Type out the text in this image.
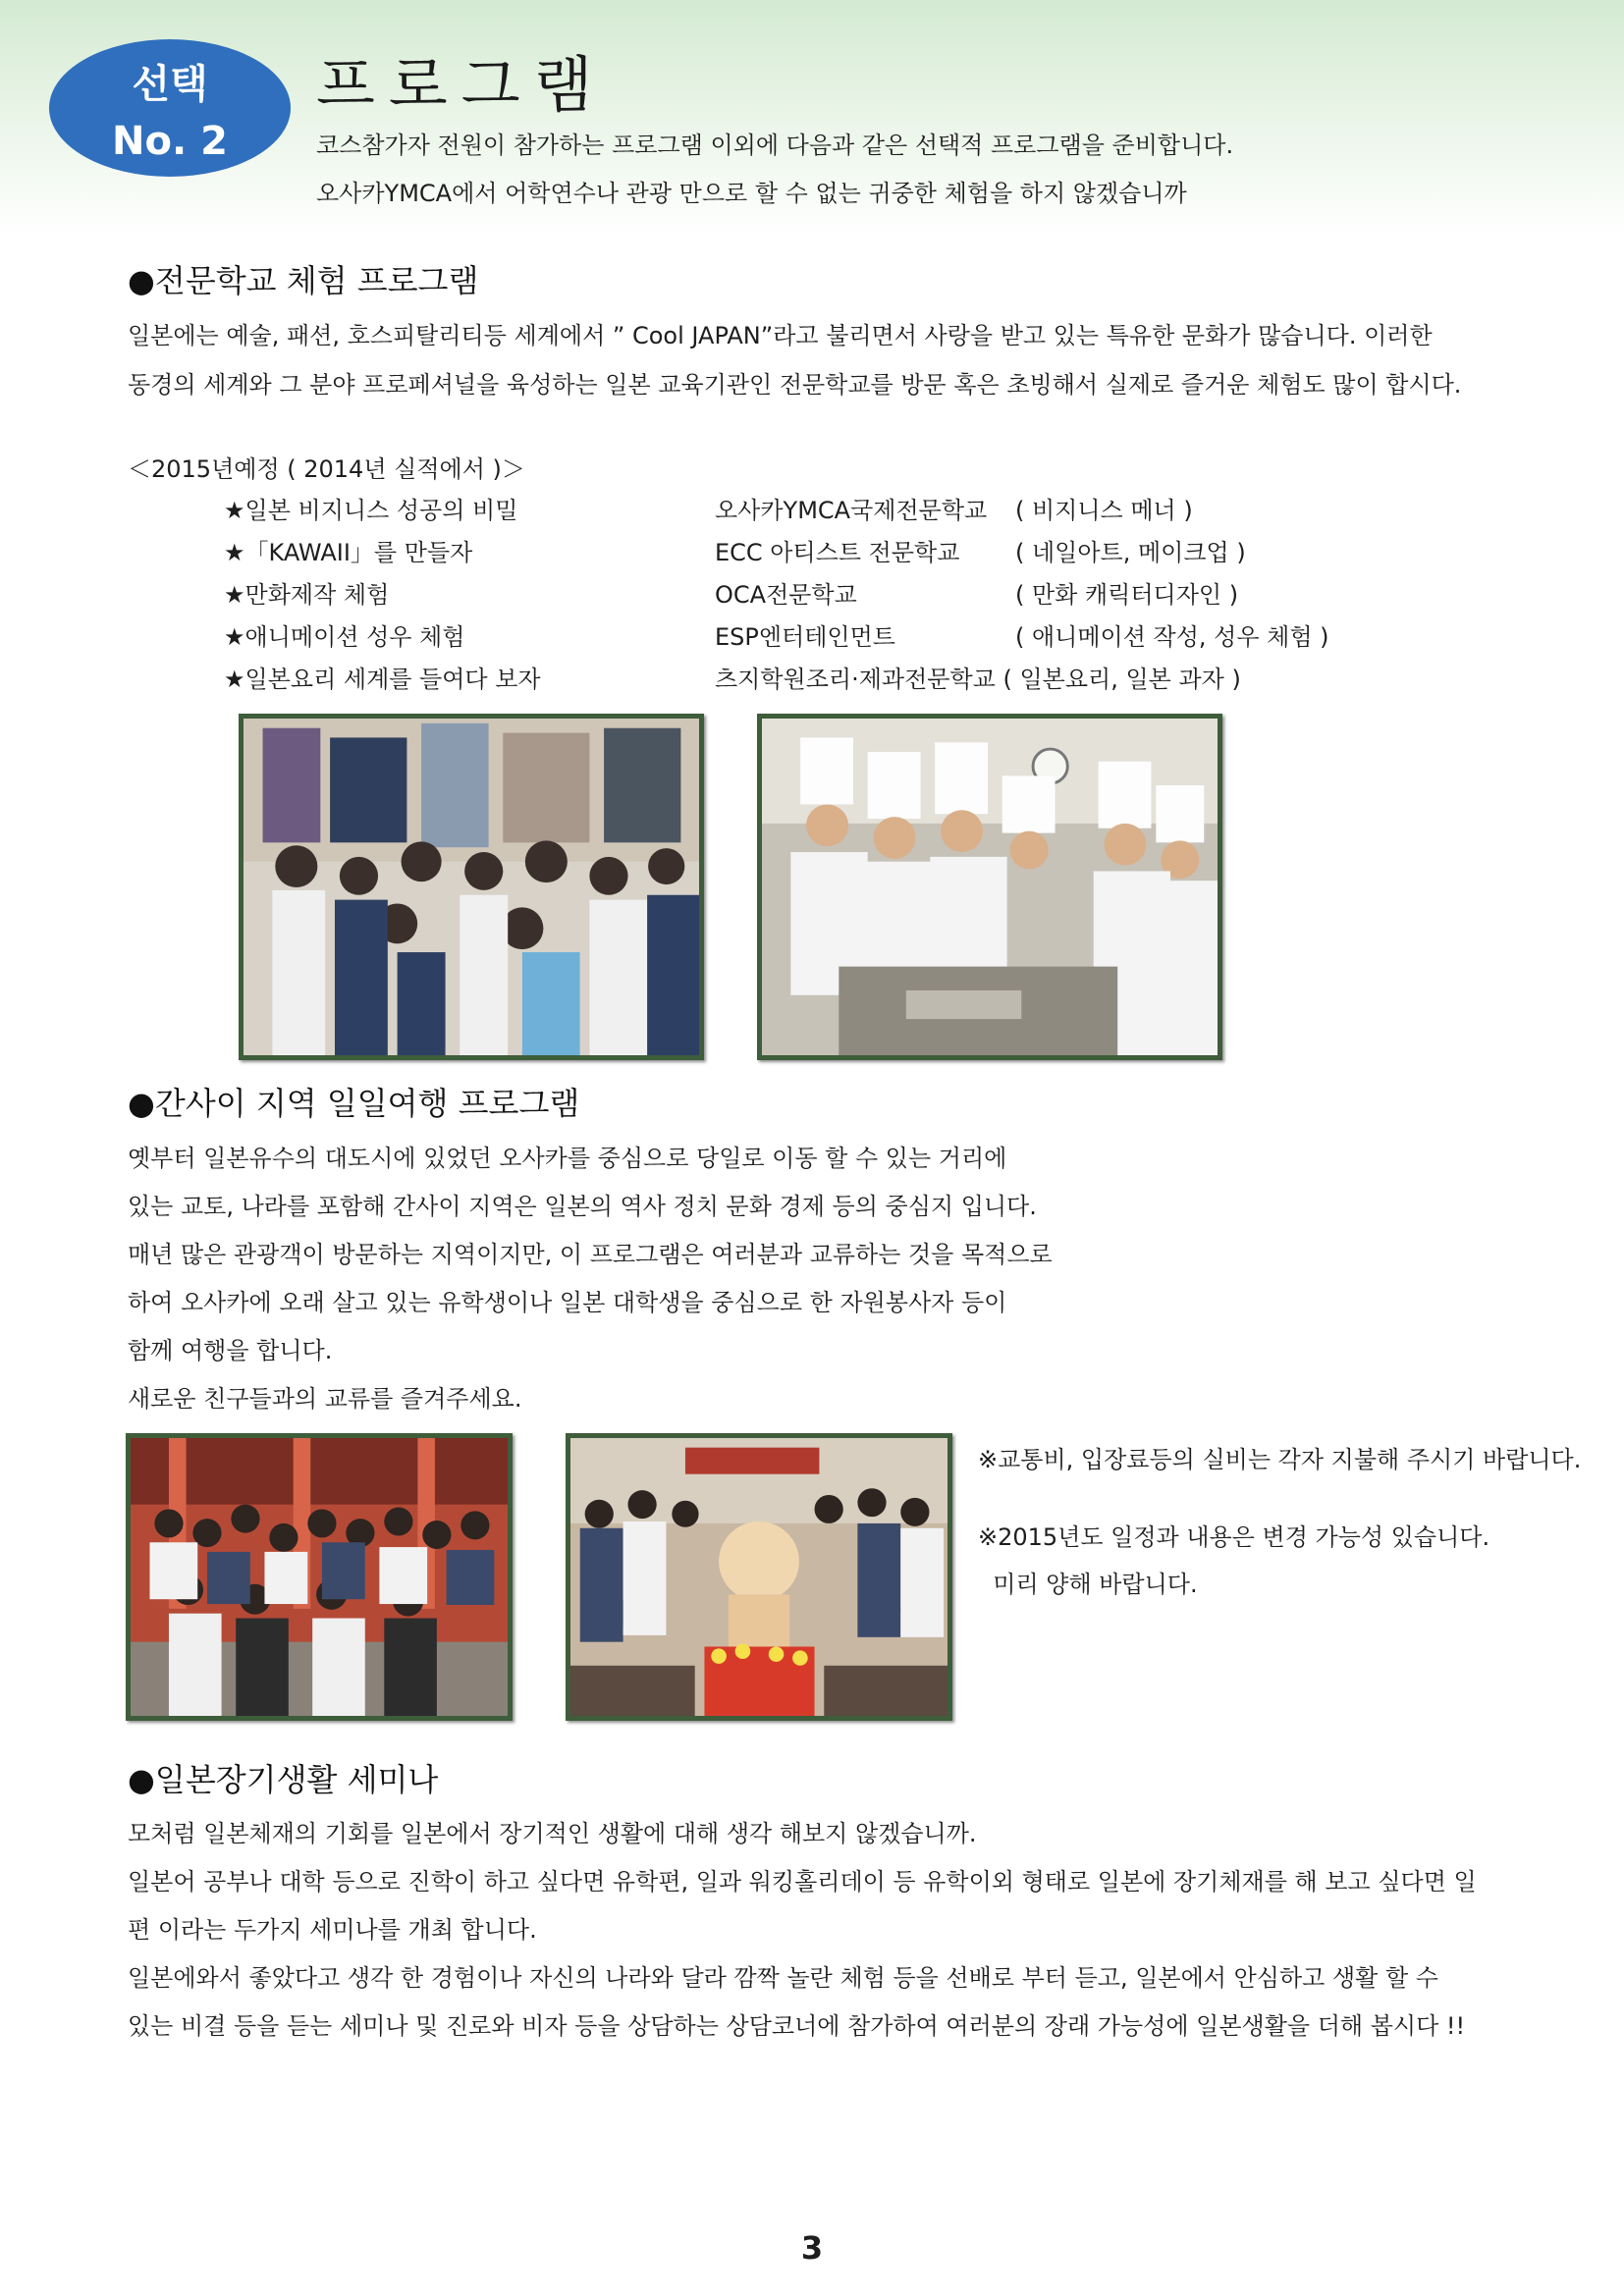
선택
No. 2
프로그램
코스참가자 전원이 참가하는 프로그램 이외에 다음과 같은 선택적 프로그램을 준비합니다.
오사카YMCA에서 어학연수나 관광 만으로 할 수 없는 귀중한 체험을 하지 않겠습니까
●전문학교 체험 프로그램
일본에는 예술, 패션, 호스피탈리티등 세계에서 ” Cool JAPAN”라고 불리면서 사랑을 받고 있는 특유한 문화가 많습니다. 이러한
동경의 세계와 그 분야 프로페셔널을 육성하는 일본 교육기관인 전문학교를 방문 혹은 초빙해서 실제로 즐거운 체험도 많이 합시다.
＜2015년예정 ( 2014년 실적에서 )＞
★일본 비지니스 성공의 비밀	오사카YMCA국제전문학교 ( 비지니스 메너 )
★「KAWAII」를 만들자	ECC 아티스트 전문학교 ( 네일아트, 메이크업 )
★만화제작 체험	OCA전문학교	( 만화 캐릭터디자인 )
★애니메이션 성우 체험	ESP엔터테인먼트	( 애니메이션 작성, 성우 체험 )
★일본요리 세계를 들여다 보자	츠지학원조리·제과전문학교 ( 일본요리, 일본 과자 )
●간사이 지역 일일여행 프로그램
옛부터 일본유수의 대도시에 있었던 오사카를 중심으로 당일로 이동 할 수 있는 거리에
있는 교토, 나라를 포함해 간사이 지역은 일본의 역사 정치 문화 경제 등의 중심지 입니다.
매년 많은 관광객이 방문하는 지역이지만, 이 프로그램은 여러분과 교류하는 것을 목적으로
하여 오사카에 오래 살고 있는 유학생이나 일본 대학생을 중심으로 한 자원봉사자 등이
함께 여행을 합니다.
새로운 친구들과의 교류를 즐겨주세요.
※교통비, 입장료등의 실비는 각자 지불해 주시기 바랍니다.
※2015년도 일정과 내용은 변경 가능성 있습니다.
미리 양해 바랍니다.
●일본장기생활 세미나
모처럼 일본체재의 기회를 일본에서 장기적인 생활에 대해 생각 해보지 않겠습니까.
일본어 공부나 대학 등으로 진학이 하고 싶다면 유학편, 일과 워킹홀리데이 등 유학이외 형태로 일본에 장기체재를 해 보고 싶다면 일
편 이라는 두가지 세미나를 개최 합니다.
일본에와서 좋았다고 생각 한 경험이나 자신의 나라와 달라 깜짝 놀란 체험 등을 선배로 부터 듣고, 일본에서 안심하고 생활 할 수
있는 비결 등을 듣는 세미나 및 진로와 비자 등을 상담하는 상담코너에 참가하여 여러분의 장래 가능성에 일본생활을 더해 봅시다 !!
3
